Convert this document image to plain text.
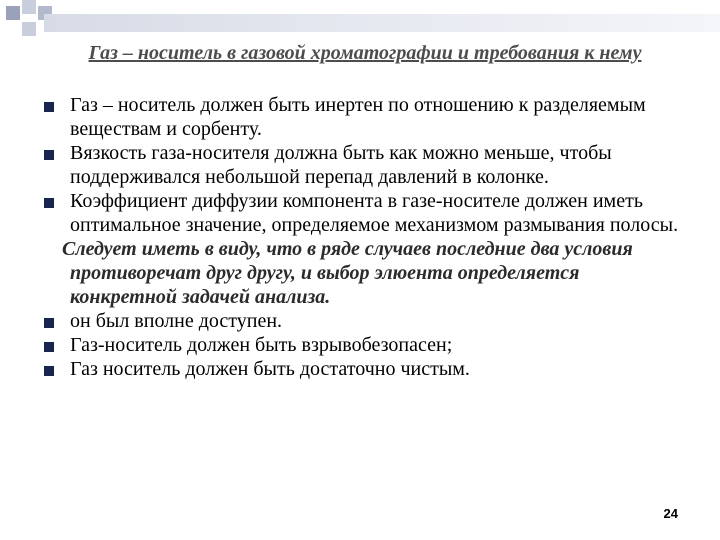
Газ – носитель в газовой хроматографии и требования к нему
Газ – носитель должен быть инертен по отношению к разделяемым веществам и сорбенту.
Вязкость газа-носителя должна быть как можно меньше, чтобы поддерживался небольшой перепад давлений в колонке.
Коэффициент диффузии компонента в газе-носителе должен иметь оптимальное значение, определяемое механизмом размывания полосы.
Следует иметь в виду, что в ряде случаев последние два условия противоречат друг другу, и выбор элюента определяется конкретной задачей анализа.
он был вполне доступен.
Газ-носитель должен быть взрывобезопасен;
Газ носитель должен быть достаточно чистым.
24
